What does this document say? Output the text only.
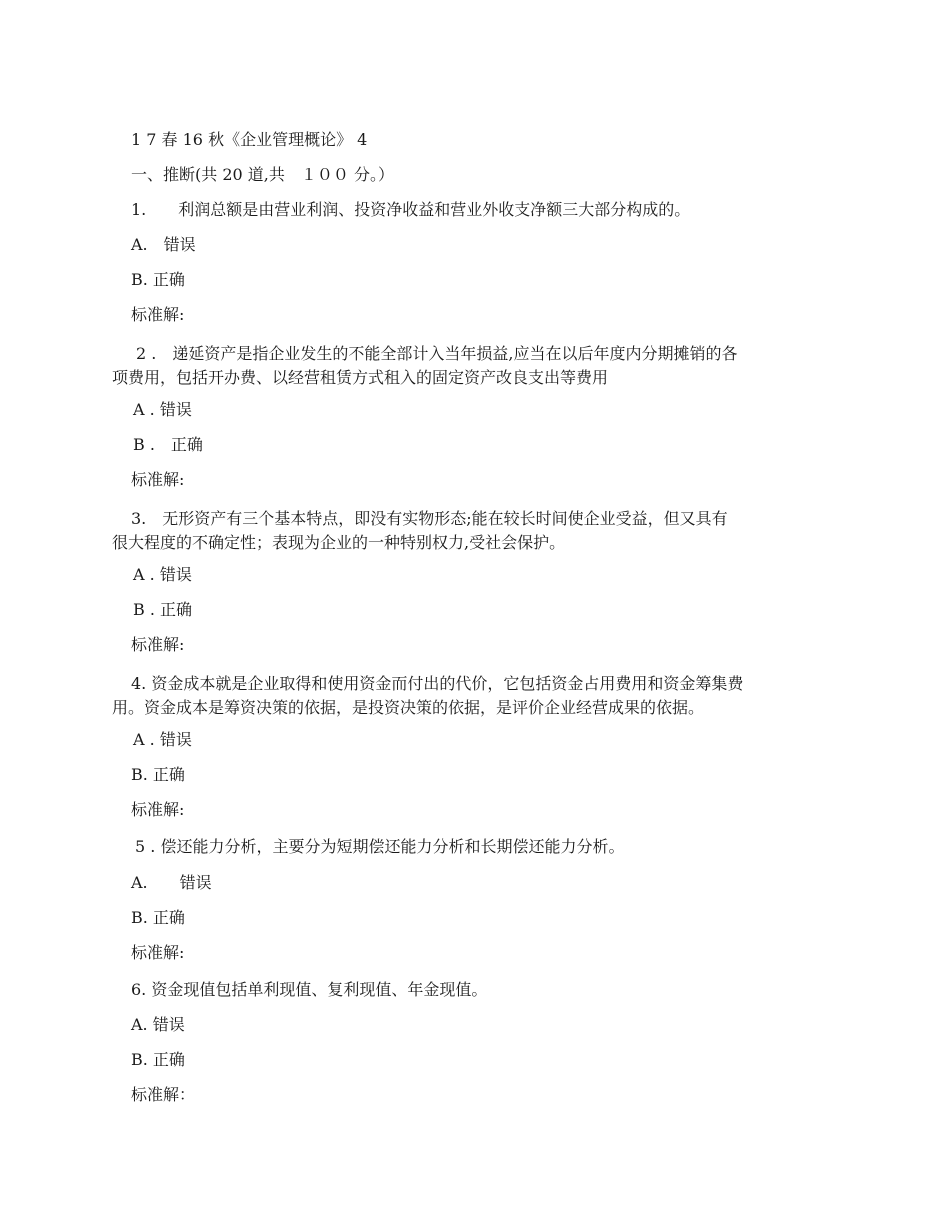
1 7 春 16 秋《企业管理概论》 4
一、推断(共 20 道,共　１００ 分。）
1.　　利润总额是由营业利润、投资净收益和营业外收支净额三大部分构成的。
A.　错误
B. 正确
标准解:
2 .　递延资产是指企业发生的不能全部计入当年损益,应当在以后年度内分期摊销的各
项费用，包括开办费、以经营租赁方式租入的固定资产改良支出等费用
A . 错误
B .　正确
标准解:
3.　无形资产有三个基本特点，即没有实物形态;能在较长时间使企业受益，但又具有
很大程度的不确定性；表现为企业的一种特别权力,受社会保护。
A . 错误
B . 正确
标准解:
4. 资金成本就是企业取得和使用资金而付出的代价，它包括资金占用费用和资金筹集费
用。资金成本是筹资决策的依据，是投资决策的依据，是评价企业经营成果的依据。
A . 错误
B. 正确
标准解:
5 . 偿还能力分析，主要分为短期偿还能力分析和长期偿还能力分析。
A.　　错误
B. 正确
标准解:
6. 资金现值包括单利现值、复利现值、年金现值。
A. 错误
B. 正确
标准解：
